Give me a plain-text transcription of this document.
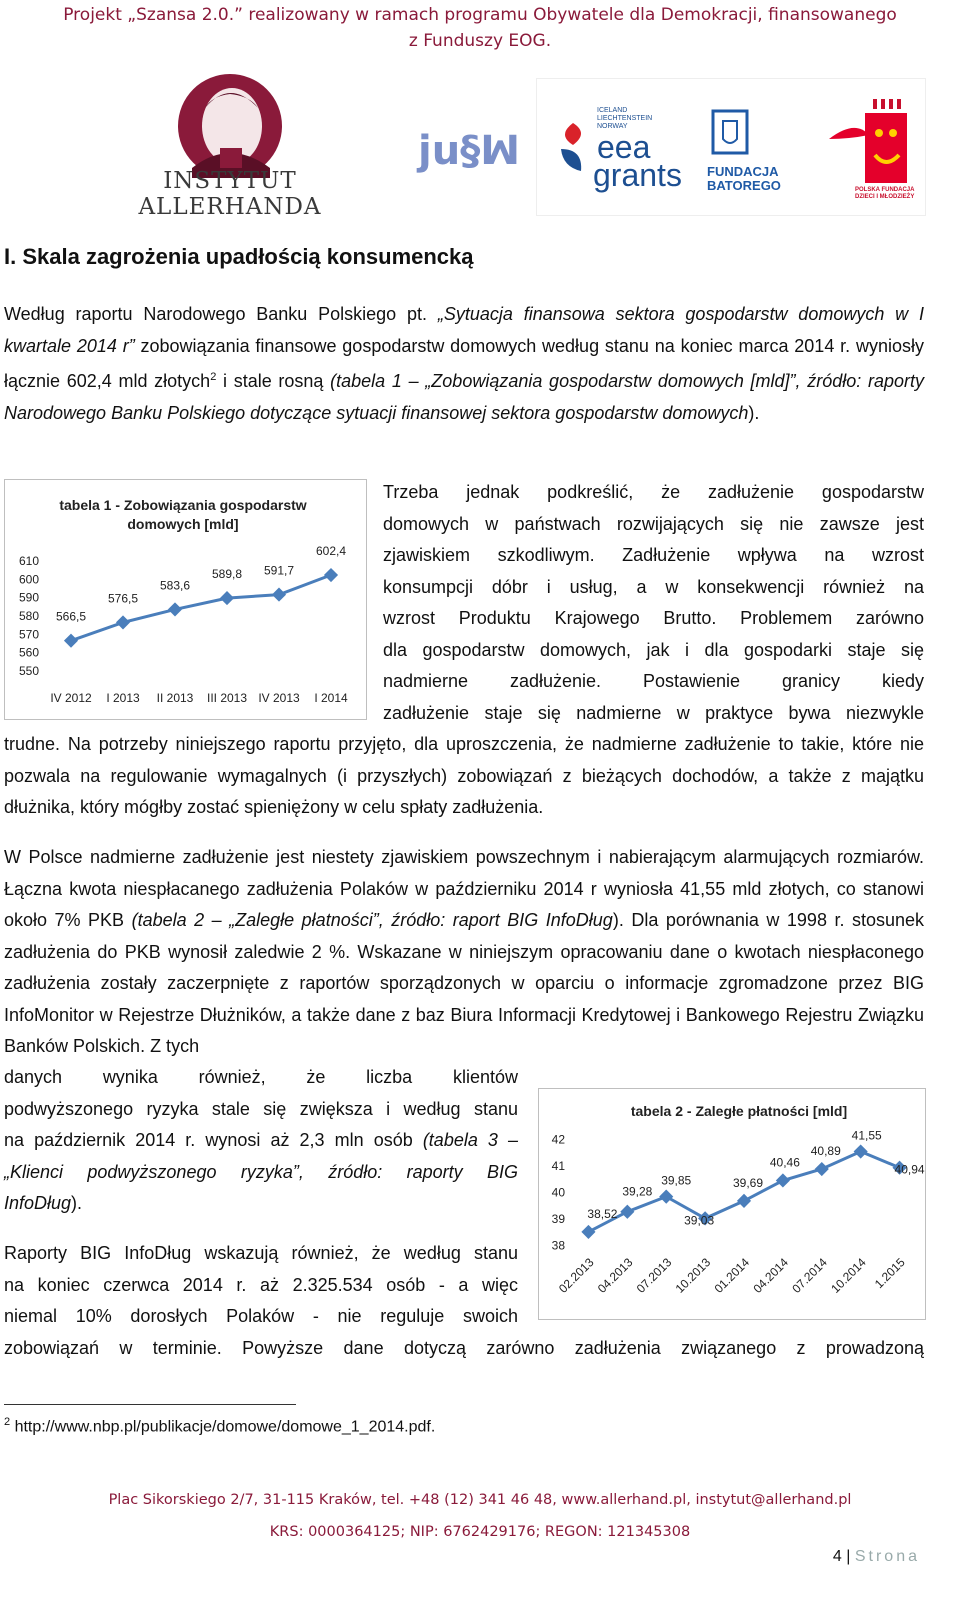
Projekt „Szansa 2.0.” realizowany w ramach programu Obywatele dla Demokracji, finansowanego
z Funduszy EOG.
INSTYTUT ALLERHANDA
ju§ꟽ
ICELAND
LIECHTENSTEIN
NORWAY
eea
grants FUNDACJA
BATOREGO	POLSKA FUNDACJA
DZIECI I MŁODZIEŻY
I. Skala zagrożenia upadłością konsumencką
Według raportu Narodowego Banku Polskiego pt. „Sytuacja finansowa sektora gospodarstw domowych w I kwartale 2014 r” zobowiązania finansowe gospodarstw domowych według stanu na koniec marca 2014 r. wyniosły łącznie 602,4 mld złotych$^2$ i stale rosną (tabela 1 – „Zobowiązania gospodarstw domowych [mld]”, źródło: raporty Narodowego Banku Polskiego dotyczące sytuacji finansowej sektora gospodarstw domowych).
tabela 1 - Zobowiązania gospodarstw
domowych [mld]
550
560
570
580
590
600
610
IV 2012 I 2013 II 2013 III 2013 IV 2013 I 2014
566,5
576,5
583,6
589,8 591,7
602,4
Trzeba jednak podkreślić, że zadłużenie gospodarstw
domowych w państwach rozwijających się nie zawsze jest
zjawiskiem szkodliwym. Zadłużenie wpływa na wzrost
konsumpcji dóbr i usług, a w konsekwencji również na
wzrost Produktu Krajowego Brutto. Problemem zarówno
dla gospodarstw domowych, jak i dla gospodarki staje się
nadmierne zadłużenie. Postawienie granicy kiedy
zadłużenie staje się nadmierne w praktyce bywa niezwykle
trudne. Na potrzeby niniejszego raportu przyjęto, dla uproszczenia, że nadmierne zadłużenie to takie, które nie pozwala na regulowanie wymagalnych (i przyszłych) zobowiązań z bieżących dochodów, a także z majątku dłużnika, który mógłby zostać spieniężony w celu spłaty zadłużenia.
W Polsce nadmierne zadłużenie jest niestety zjawiskiem powszechnym i nabierającym alarmujących rozmiarów. Łączna kwota niespłacanego zadłużenia Polaków w październiku 2014 r wyniosła 41,55 mld złotych, co stanowi około 7% PKB (tabela 2 – „Zaległe płatności”, źródło: raport BIG InfoDług). Dla porównania w 1998 r. stosunek zadłużenia do PKB wynosił zaledwie 2 %. Wskazane w niniejszym opracowaniu dane o kwotach niespłaconego zadłużenia zostały zaczerpnięte z raportów sporządzonych w oparciu o informacje zgromadzone przez BIG InfoMonitor w Rejestrze Dłużników, a także dane z baz Biura Informacji Kredytowej i Bankowego Rejestru Związku Banków Polskich. Z tych
danych wynika również, że liczba klientów
podwyższonego ryzyka stale się zwiększa i według stanu
na październik 2014 r. wynosi aż 2,3 mln osób (tabela 3 –
„Klienci podwyższonego ryzyka”, źródło: raporty BIG
InfoDług).
tabela 2 - Zaległe płatności [mld]
38
39
40
41
42
02.2013
04.2013
07.2013
10.2013
01.2014
04.2014
07.2014
10.2014 1.2015
38,52
39,28
39,85
39,03
39,69
40,46
40,89
41,55
40,94
Raporty BIG InfoDług wskazują również, że według stanu
na koniec czerwca 2014 r. aż 2.325.534 osób - a więc
niemal 10% dorosłych Polaków - nie reguluje swoich
zobowiązań w terminie. Powyższe dane dotyczą zarówno zadłużenia związanego z prowadzoną
$^2$ http://www.nbp.pl/publikacje/domowe/domowe_1_2014.pdf.
Plac Sikorskiego 2/7, 31-115 Kraków, tel. +48 (12) 341 46 48, www.allerhand.pl, instytut@allerhand.pl
KRS: 0000364125; NIP: 6762429176; REGON: 121345308
4 | Strona
